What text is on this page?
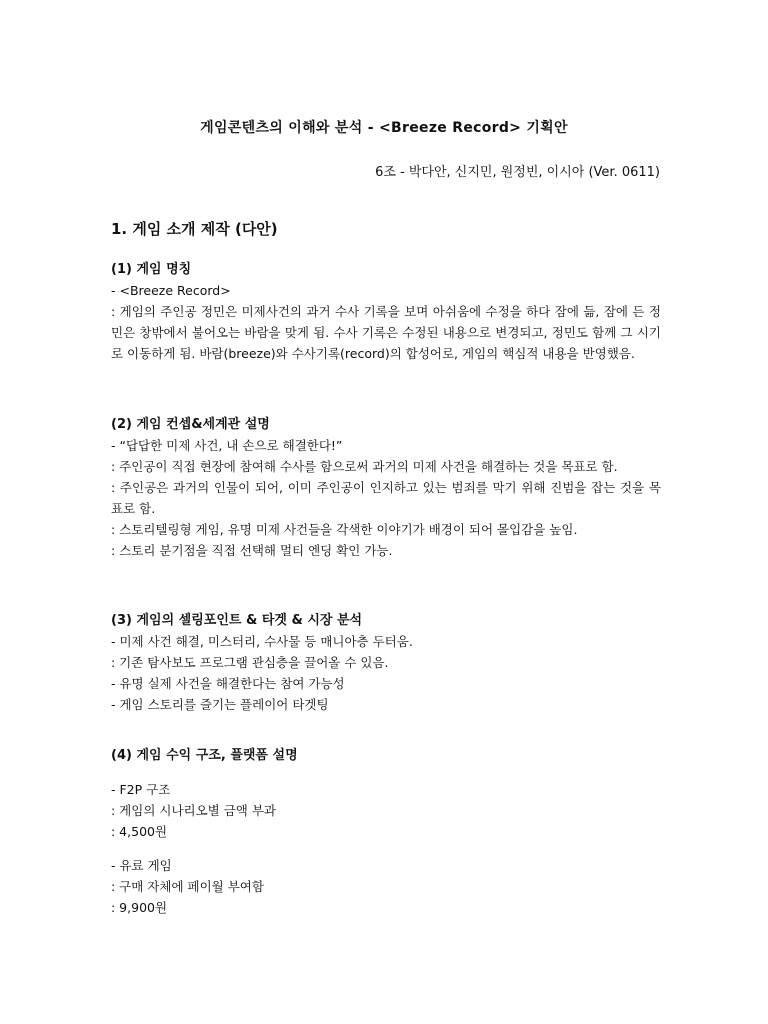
게임콘텐츠의 이해와 분석 - <Breeze Record> 기획안
6조 - 박다안, 신지민, 원정빈, 이시아 (Ver. 0611)
1. 게임 소개 제작 (다안)
(1) 게임 명칭
- <Breeze Record>
: 게임의 주인공 정민은 미제사건의 과거 수사 기록을 보며 아쉬움에 수정을 하다 잠에 듦, 잠에 든 정민은 창밖에서 불어오는 바람을 맞게 됨. 수사 기록은 수정된 내용으로 변경되고, 정민도 함께 그 시기로 이동하게 됨. 바람(breeze)와 수사기록(record)의 합성어로, 게임의 핵심적 내용을 반영했음.
(2) 게임 컨셉&세계관 설명
- “답답한 미제 사건, 내 손으로 해결한다!”
: 주인공이 직접 현장에 참여해 수사를 함으로써 과거의 미제 사건을 해결하는 것을 목표로 함.
: 주인공은 과거의 인물이 되어, 이미 주인공이 인지하고 있는 범죄를 막기 위해 진범을 잡는 것을 목표로 함.
: 스토리텔링형 게임, 유명 미제 사건들을 각색한 이야기가 배경이 되어 몰입감을 높임.
: 스토리 분기점을 직접 선택해 멀티 엔딩 확인 가능.
(3) 게임의 셀링포인트 & 타겟 & 시장 분석
- 미제 사건 해결, 미스터리, 수사물 등 매니아층 두터움.
: 기존 탐사보도 프로그램 관심층을 끌어올 수 있음.
- 유명 실제 사건을 해결한다는 참여 가능성
- 게임 스토리를 즐기는 플레이어 타겟팅
(4) 게임 수익 구조, 플랫폼 설명
- F2P 구조
: 게임의 시나리오별 금액 부과
: 4,500원
- 유료 게임
: 구매 자체에 페이월 부여함
: 9,900원
